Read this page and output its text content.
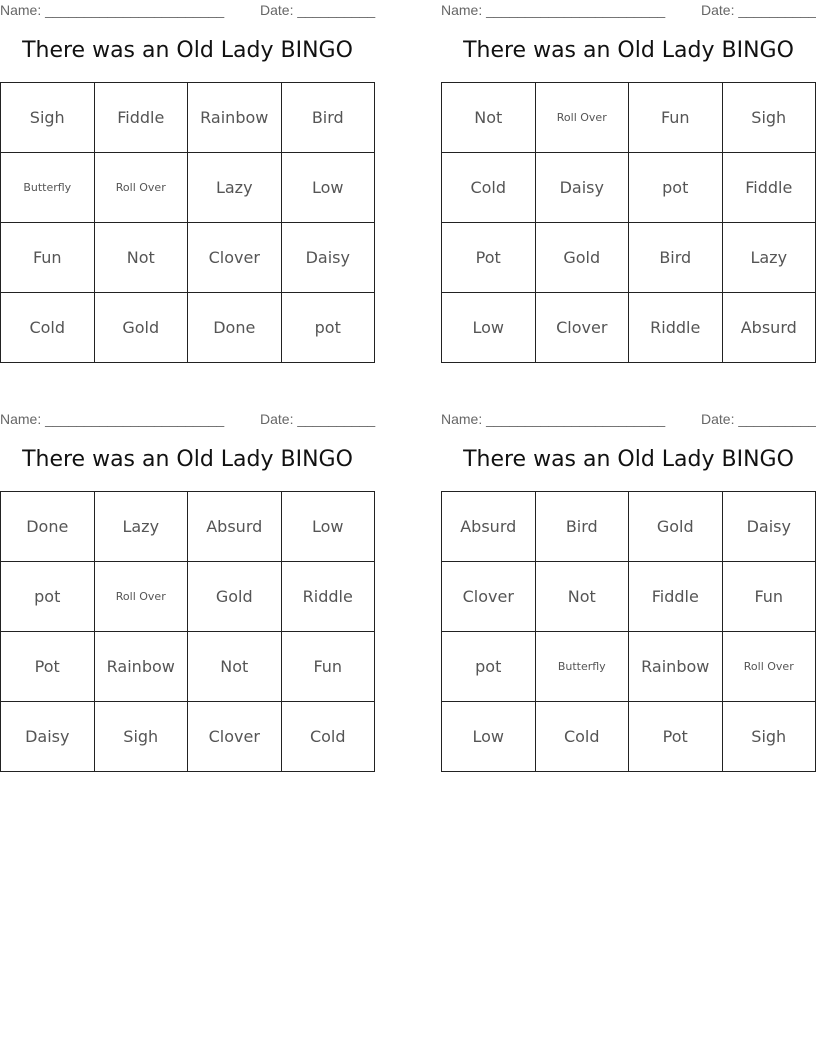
Name: _______________________	Date: __________
There was an Old Lady BINGO
Sigh	Fiddle	Rainbow	Bird
Butterfly	Roll Over	Lazy	Low
Fun	Not	Clover	Daisy
Cold	Gold	Done	pot
Name: _______________________	Date: __________
There was an Old Lady BINGO
Not	Roll Over	Fun	Sigh
Cold	Daisy	pot	Fiddle
Pot	Gold	Bird	Lazy
Low	Clover	Riddle	Absurd
Name: _______________________	Date: __________
There was an Old Lady BINGO
Done	Lazy	Absurd	Low
pot	Roll Over	Gold	Riddle
Pot	Rainbow	Not	Fun
Daisy	Sigh	Clover	Cold
Name: _______________________	Date: __________
There was an Old Lady BINGO
Absurd	Bird	Gold	Daisy
Clover	Not	Fiddle	Fun
pot	Butterfly	Rainbow	Roll Over
Low	Cold	Pot	Sigh
